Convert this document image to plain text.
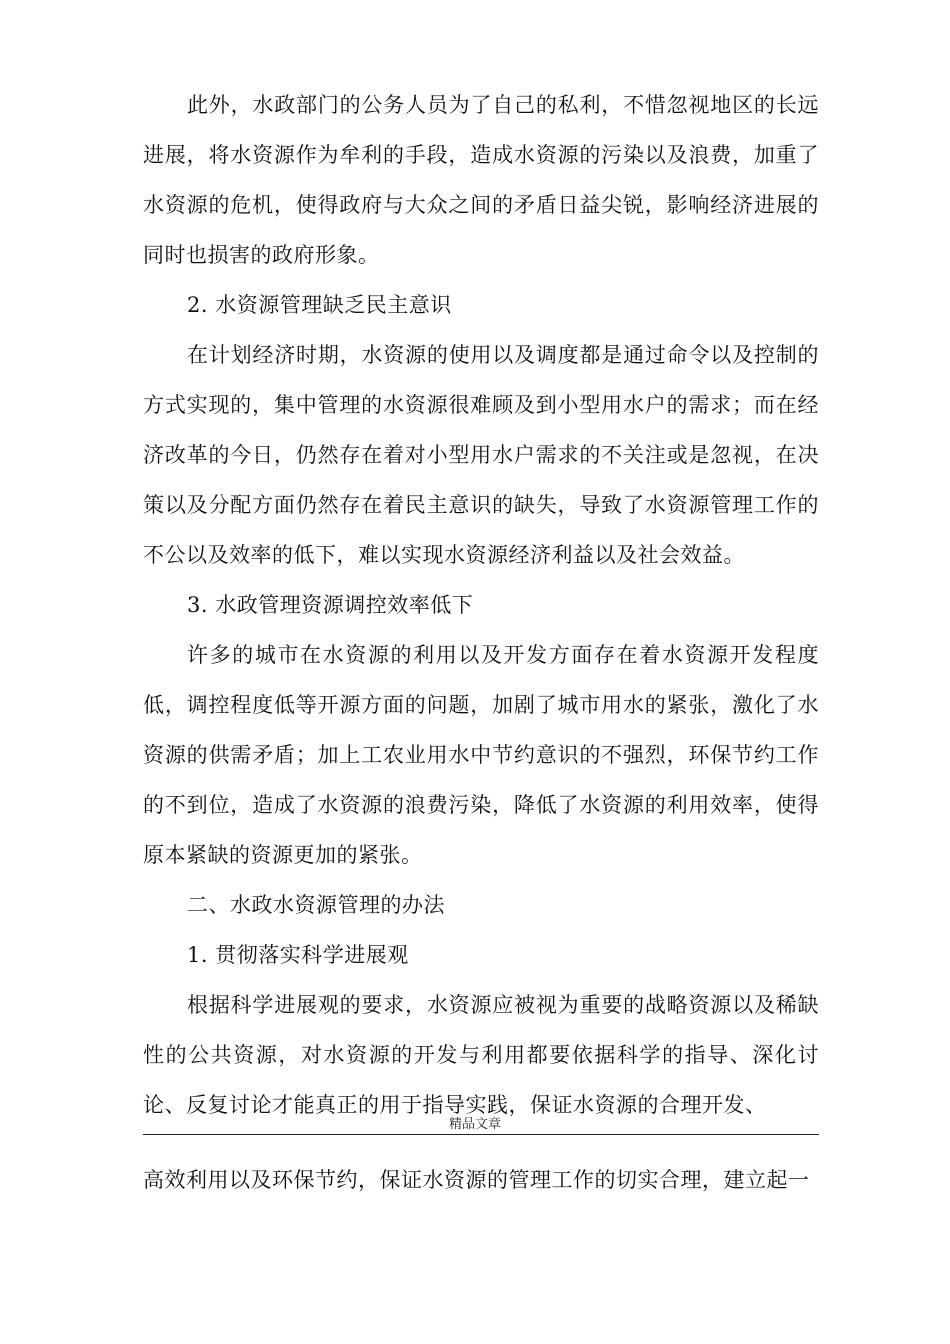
此外，水政部门的公务人员为了自己的私利，不惜忽视地区的长远进展，将水资源作为牟利的手段，造成水资源的污染以及浪费，加重了水资源的危机，使得政府与大众之间的矛盾日益尖锐，影响经济进展的同时也损害的政府形象。

2. 水资源管理缺乏民主意识

在计划经济时期，水资源的使用以及调度都是通过命令以及控制的方式实现的，集中管理的水资源很难顾及到小型用水户的需求；而在经济改革的今日，仍然存在着对小型用水户需求的不关注或是忽视，在决策以及分配方面仍然存在着民主意识的缺失，导致了水资源管理工作的不公以及效率的低下，难以实现水资源经济利益以及社会效益。

3. 水政管理资源调控效率低下

许多的城市在水资源的利用以及开发方面存在着水资源开发程度低，调控程度低等开源方面的问题，加剧了城市用水的紧张，激化了水资源的供需矛盾；加上工农业用水中节约意识的不强烈，环保节约工作的不到位，造成了水资源的浪费污染，降低了水资源的利用效率，使得原本紧缺的资源更加的紧张。

二、水政水资源管理的办法

1. 贯彻落实科学进展观

根据科学进展观的要求，水资源应被视为重要的战略资源以及稀缺性的公共资源，对水资源的开发与利用都要依据科学的指导、深化讨论、反复讨论才能真正的用于指导实践，保证水资源的合理开发、

精品文章

高效利用以及环保节约，保证水资源的管理工作的切实合理，建立起一
